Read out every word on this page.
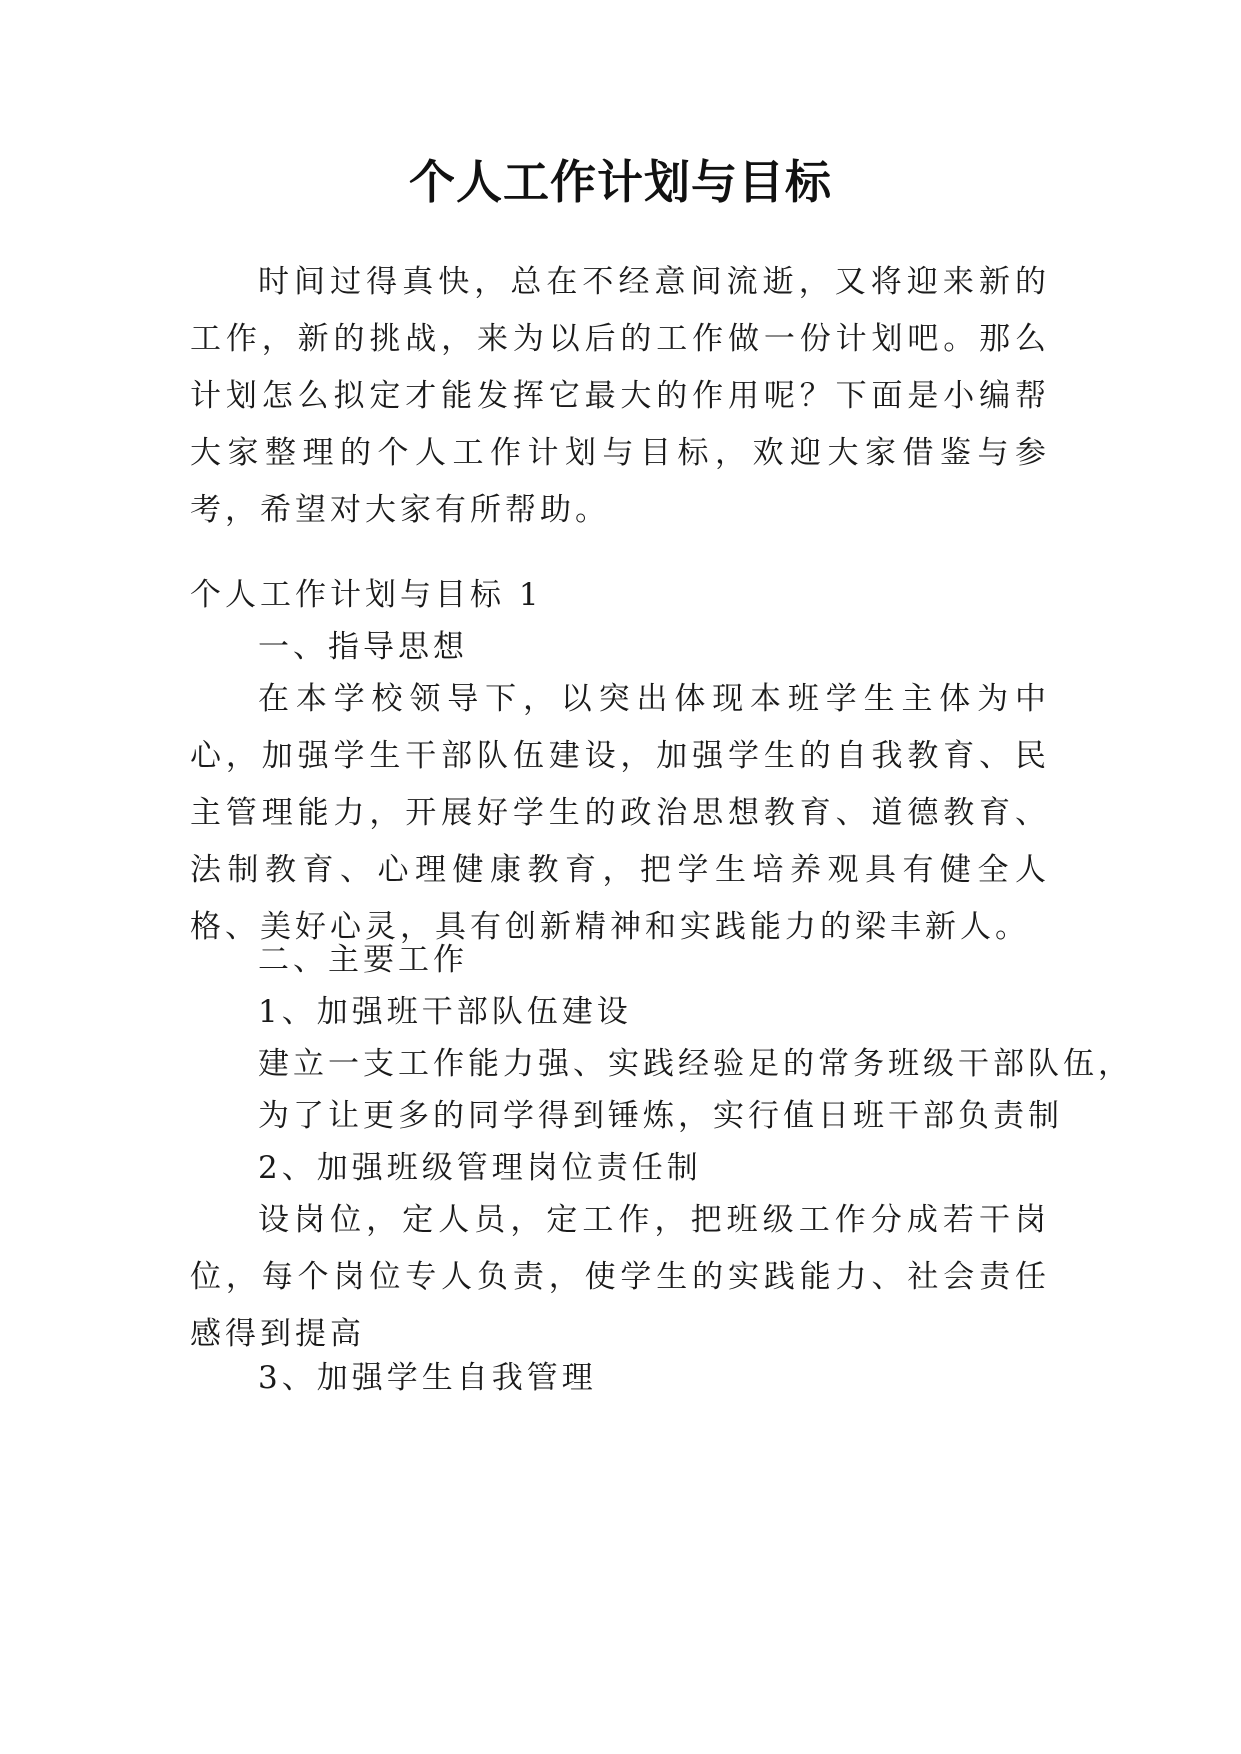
个人工作计划与目标

时间过得真快，总在不经意间流逝，又将迎来新的工作，新的挑战，来为以后的工作做一份计划吧。那么计划怎么拟定才能发挥它最大的作用呢？下面是小编帮大家整理的个人工作计划与目标，欢迎大家借鉴与参考，希望对大家有所帮助。

个人工作计划与目标 1

一、指导思想

在本学校领导下，以突出体现本班学生主体为中心，加强学生干部队伍建设，加强学生的自我教育、民主管理能力，开展好学生的政治思想教育、道德教育、法制教育、心理健康教育，把学生培养观具有健全人格、美好心灵，具有创新精神和实践能力的梁丰新人。

二、主要工作

1、加强班干部队伍建设

建立一支工作能力强、实践经验足的常务班级干部队伍，

为了让更多的同学得到锤炼，实行值日班干部负责制

2、加强班级管理岗位责任制

设岗位，定人员，定工作，把班级工作分成若干岗位，每个岗位专人负责，使学生的实践能力、社会责任感得到提高

3、加强学生自我管理
